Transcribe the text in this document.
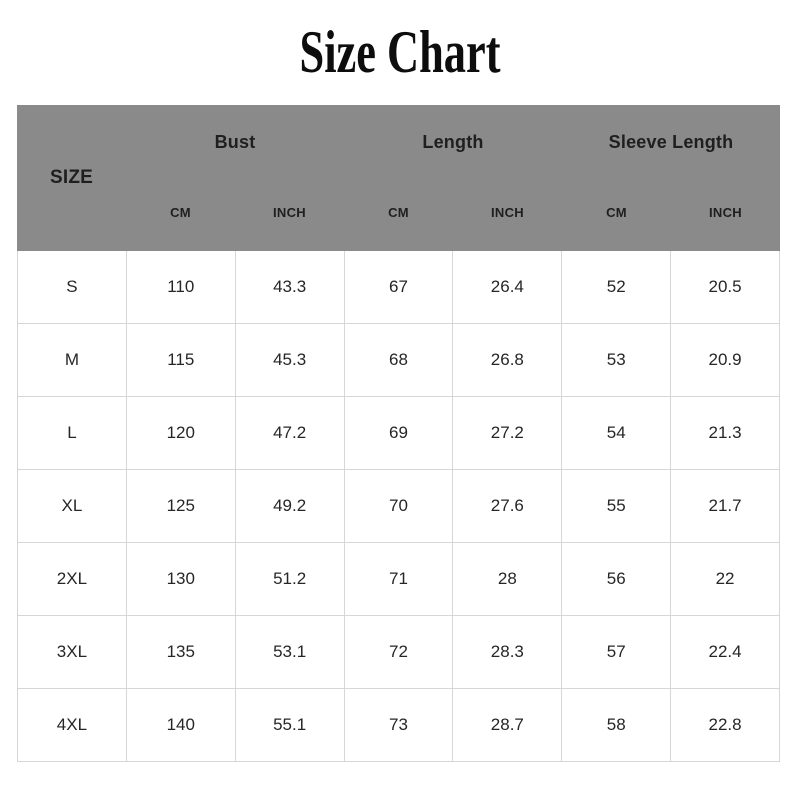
Size Chart
SIZE
Bust	Length	Sleeve Length
CM	INCH	CM	INCH	CM	INCH
S	110	43.3	67	26.4	52	20.5
M	115	45.3	68	26.8	53	20.9
L	120	47.2	69	27.2	54	21.3
XL	125	49.2	70	27.6	55	21.7
2XL	130	51.2	71	28	56	22
3XL	135	53.1	72	28.3	57	22.4
4XL	140	55.1	73	28.7	58	22.8
